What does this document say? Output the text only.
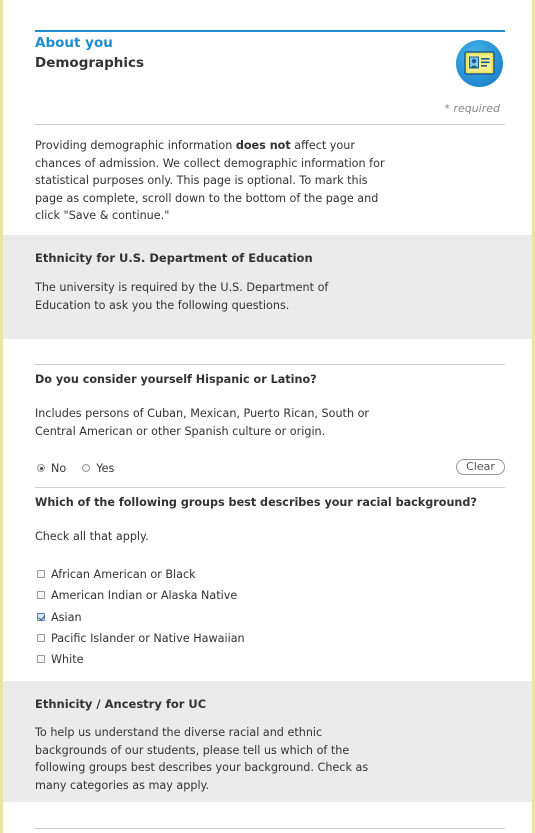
About you
Demographics
* required
Providing demographic information does not affect your chances of admission. We collect demographic information for statistical purposes only. This page is optional. To mark this page as complete, scroll down to the bottom of the page and click "Save & continue."
Ethnicity for U.S. Department of Education
The university is required by the U.S. Department of Education to ask you the following questions.
Do you consider yourself Hispanic or Latino?
Includes persons of Cuban, Mexican, Puerto Rican, South or Central American or other Spanish culture or origin.
No	Yes	Clear
Which of the following groups best describes your racial background?
Check all that apply.
African American or Black
American Indian or Alaska Native
Asian
Pacific Islander or Native Hawaiian
White
Ethnicity / Ancestry for UC
To help us understand the diverse racial and ethnic backgrounds of our students, please tell us which of the following groups best describes your background. Check as many categories as may apply.
